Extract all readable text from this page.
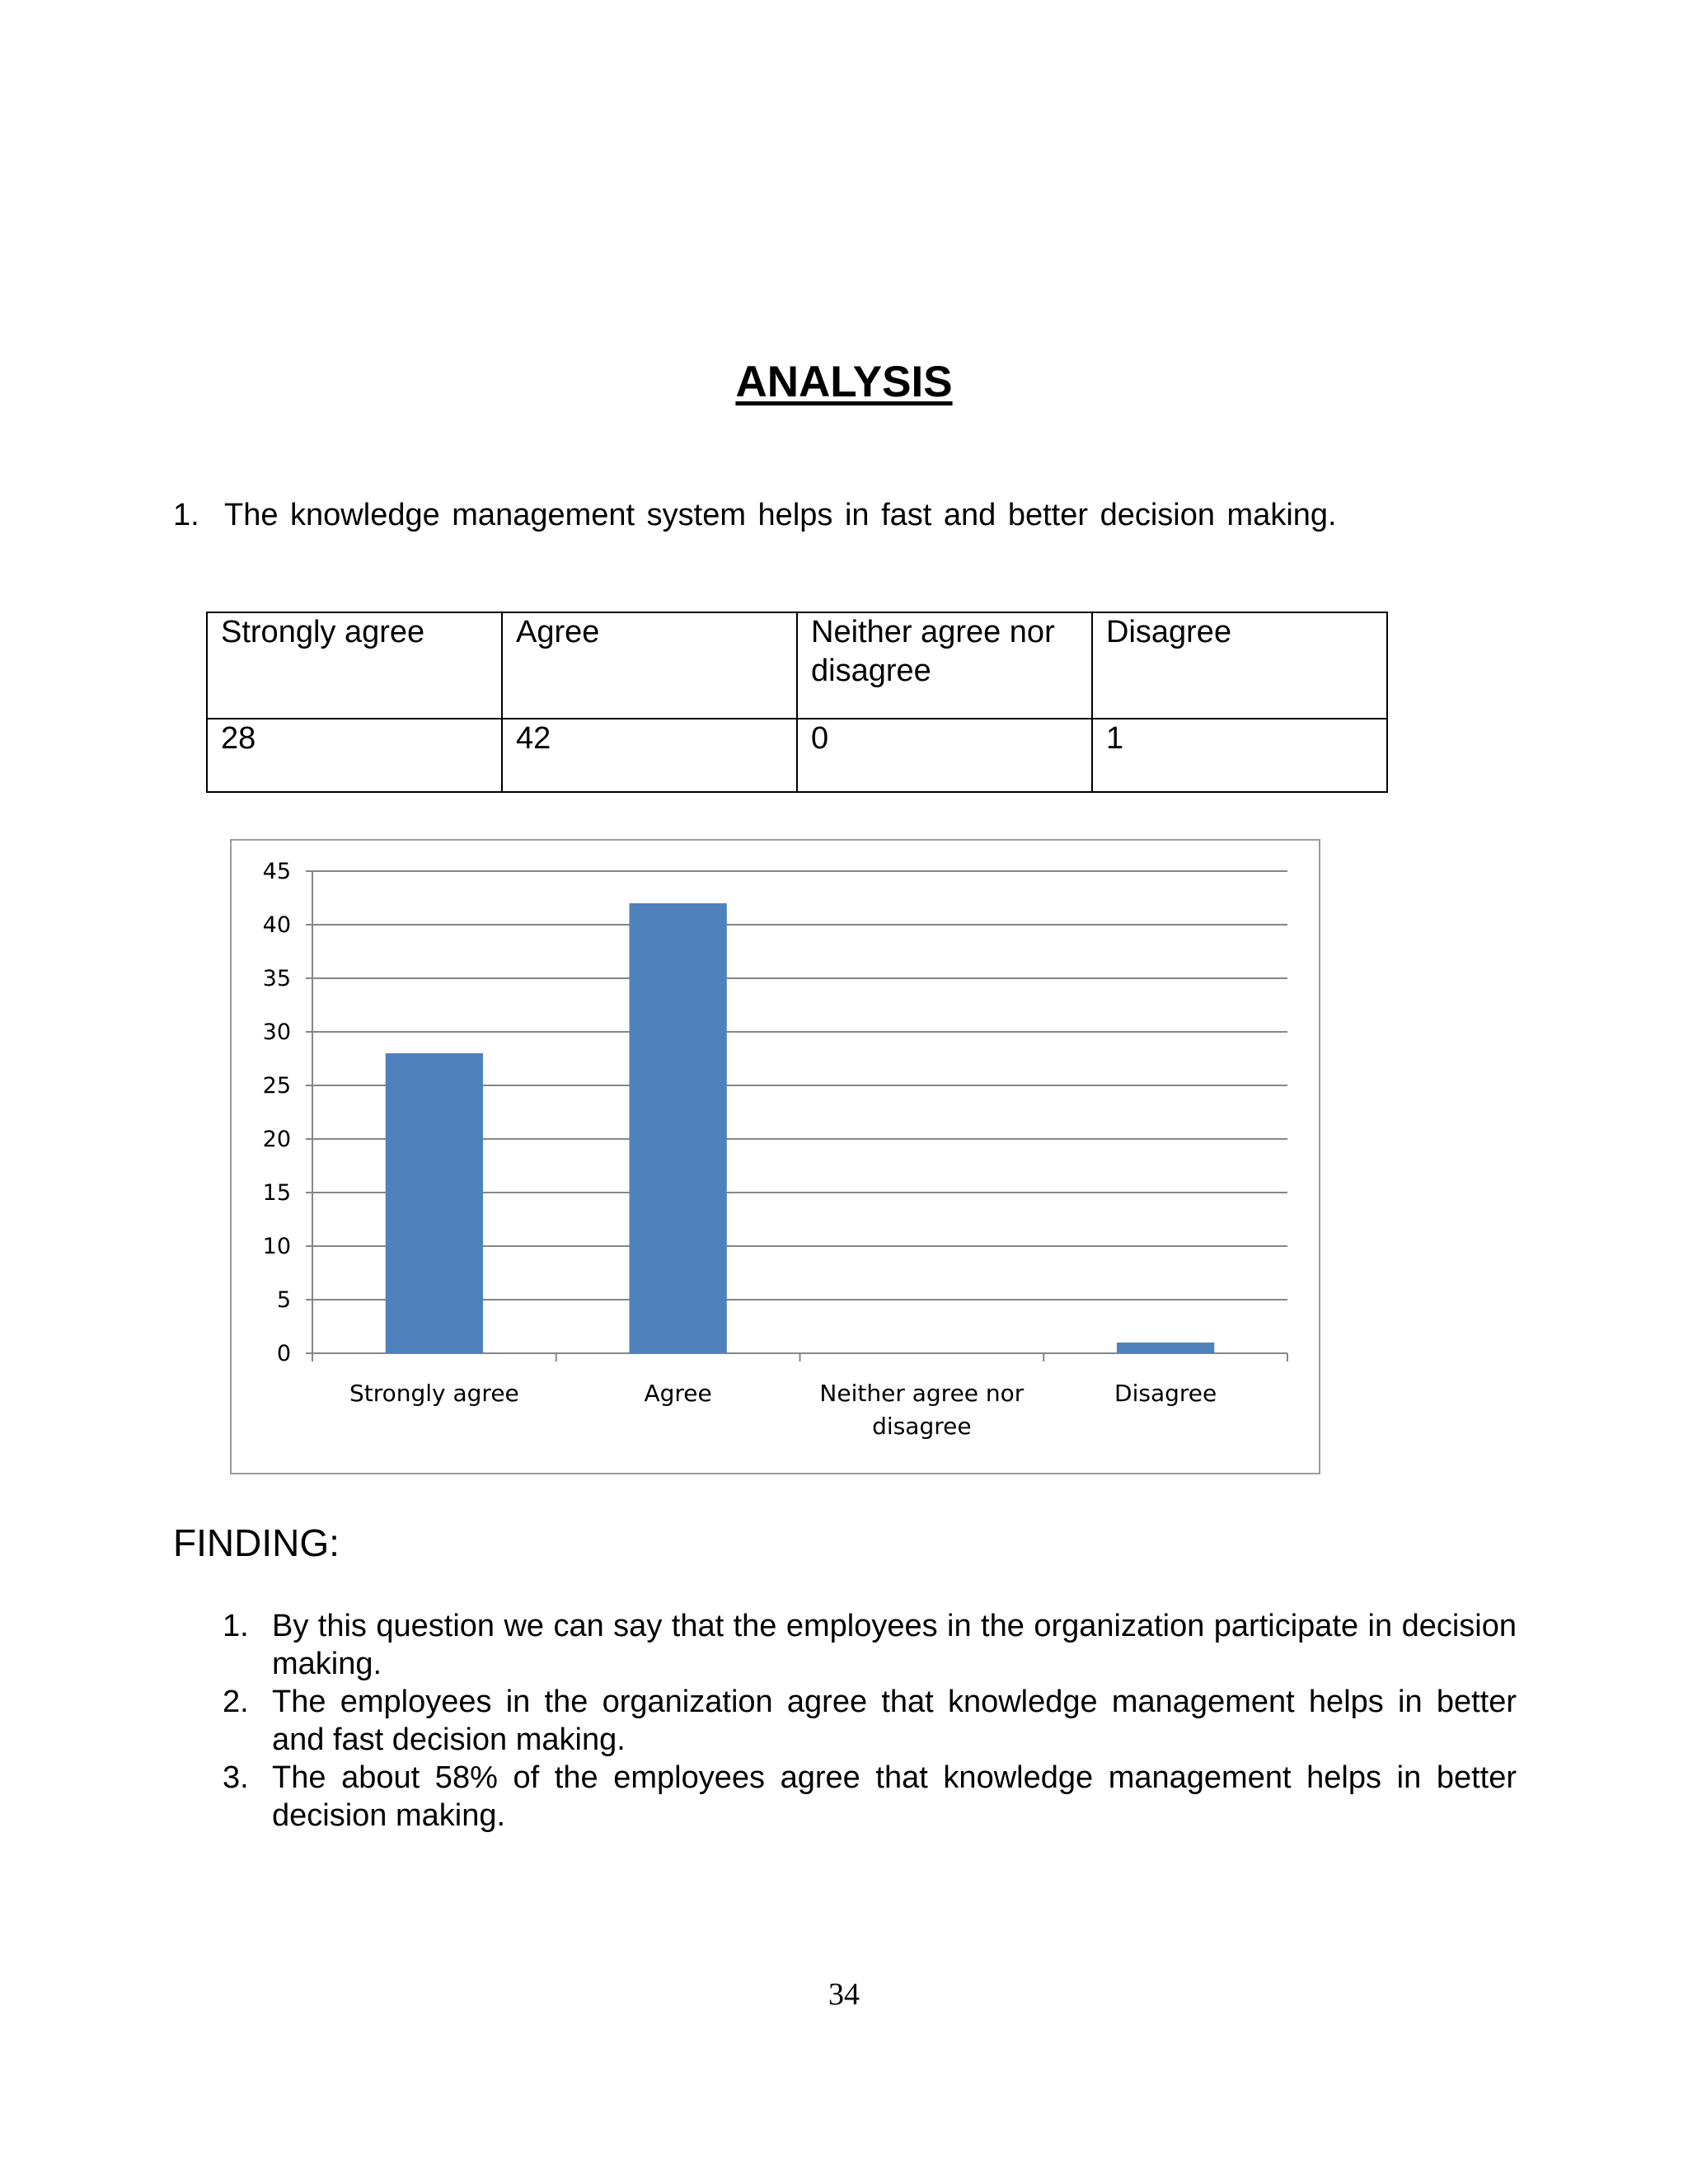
ANALYSIS
1. The knowledge management system helps in fast and better decision making.
Strongly agree	Agree	Neither agree nor disagree	Disagree
28	42	0	1
0
5
10
15
20
25
30
35
40
45
Strongly agree	Agree	Neither agree nor disagree
Disagree
FINDING:
1. By this question we can say that the employees in the organization participate in decision making.
2. The employees in the organization agree that knowledge management helps in better and fast decision making.
3. The about 58% of the employees agree that knowledge management helps in better decision making.
34
